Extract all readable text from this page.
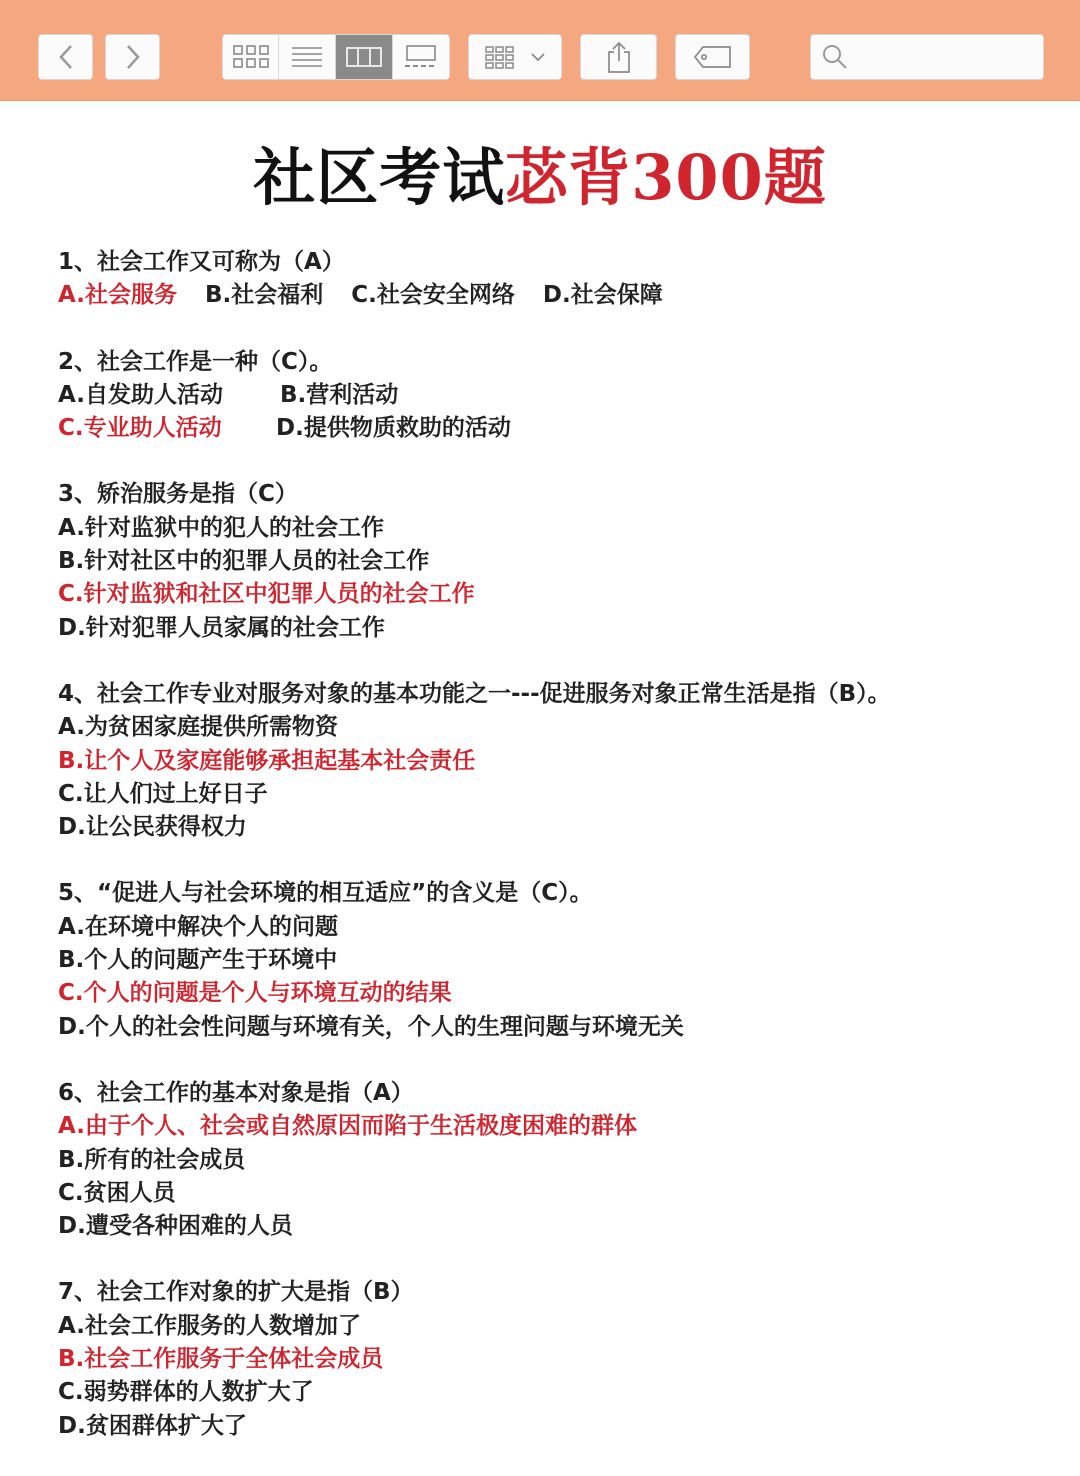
社区考试苾背300题
1、社会工作又可称为（A）
A.社会服务 B.社会福利 C.社会安全网络 D.社会保障
2、社会工作是一种（C）。
A.自发助人活动	B.营利活动
C.专业助人活动	D.提供物质救助的活动
3、矫治服务是指（C）
A.针对监狱中的犯人的社会工作
B.针对社区中的犯罪人员的社会工作
C.针对监狱和社区中犯罪人员的社会工作
D.针对犯罪人员家属的社会工作
4、社会工作专业对服务对象的基本功能之一---促进服务对象正常生活是指（B）。
A.为贫困家庭提供所需物资
B.让个人及家庭能够承担起基本社会责任
C.让人们过上好日子
D.让公民获得权力
5、“促进人与社会环境的相互适应”的含义是（C）。
A.在环境中解决个人的问题
B.个人的问题产生于环境中
C.个人的问题是个人与环境互动的结果
D.个人的社会性问题与环境有关，个人的生理问题与环境无关
6、社会工作的基本对象是指（A）
A.由于个人、社会或自然原因而陷于生活极度困难的群体
B.所有的社会成员
C.贫困人员
D.遭受各种困难的人员
7、社会工作对象的扩大是指（B）
A.社会工作服务的人数增加了
B.社会工作服务于全体社会成员
C.弱势群体的人数扩大了
D.贫困群体扩大了
